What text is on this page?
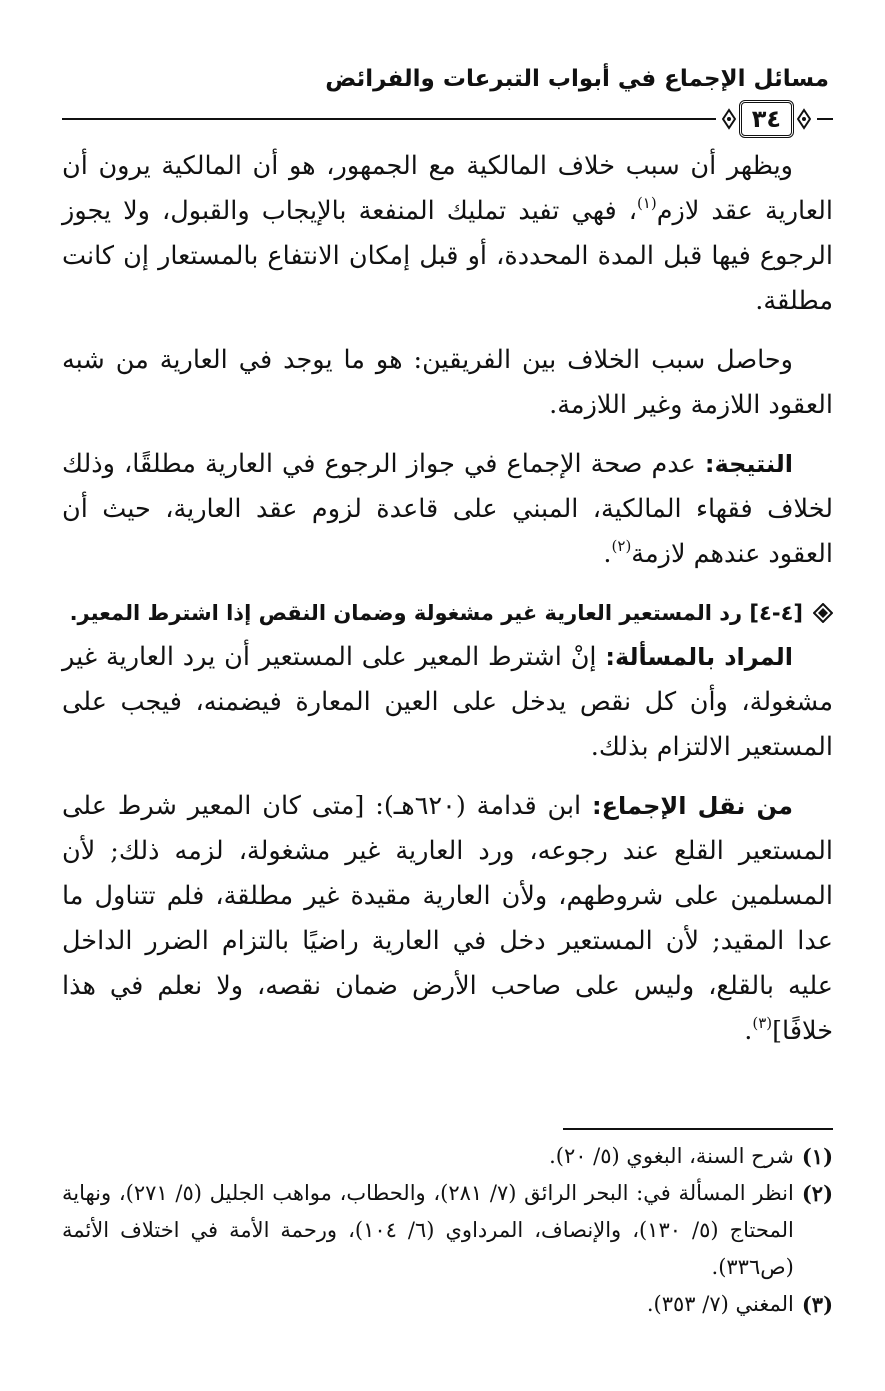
مسائل الإجماع في أبواب التبرعات والفرائض
٣٤

ويظهر أن سبب خلاف المالكية مع الجمهور، هو أن المالكية يرون أن العارية عقد لازم$^{(١)}$، فهي تفيد تمليك المنفعة بالإيجاب والقبول، ولا يجوز الرجوع فيها قبل المدة المحددة، أو قبل إمكان الانتفاع بالمستعار إن كانت مطلقة.

وحاصل سبب الخلاف بين الفريقين: هو ما يوجد في العارية من شبه العقود اللازمة وغير اللازمة.

النتيجة: عدم صحة الإجماع في جواز الرجوع في العارية مطلقًا، وذلك لخلاف فقهاء المالكية، المبني على قاعدة لزوم عقد العارية، حيث أن العقود عندهم لازمة$^{(٢)}$.

[٤-٤] رد المستعير العارية غير مشغولة وضمان النقص إذا اشترط المعير.

المراد بالمسألة: إنْ اشترط المعير على المستعير أن يرد العارية غير مشغولة، وأن كل نقص يدخل على العين المعارة فيضمنه، فيجب على المستعير الالتزام بذلك.

من نقل الإجماع: ابن قدامة (٦٢٠هـ): [متى كان المعير شرط على المستعير القلع عند رجوعه، ورد العارية غير مشغولة، لزمه ذلك; لأن المسلمين على شروطهم، ولأن العارية مقيدة غير مطلقة، فلم تتناول ما عدا المقيد; لأن المستعير دخل في العارية راضيًا بالتزام الضرر الداخل عليه بالقلع، وليس على صاحب الأرض ضمان نقصه، ولا نعلم في هذا خلافًا]$^{(٣)}$.

(١)
شرح السنة، البغوي (٥/ ٢٠).
(٢)
انظر المسألة في: البحر الرائق (٧/ ٢٨١)، والحطاب، مواهب الجليل (٥/ ٢٧١)، ونهاية المحتاج (٥/ ١٣٠)، والإنصاف، المرداوي (٦/ ١٠٤)، ورحمة الأمة في اختلاف الأئمة (ص٣٣٦).
(٣)
المغني (٧/ ٣٥٣).
